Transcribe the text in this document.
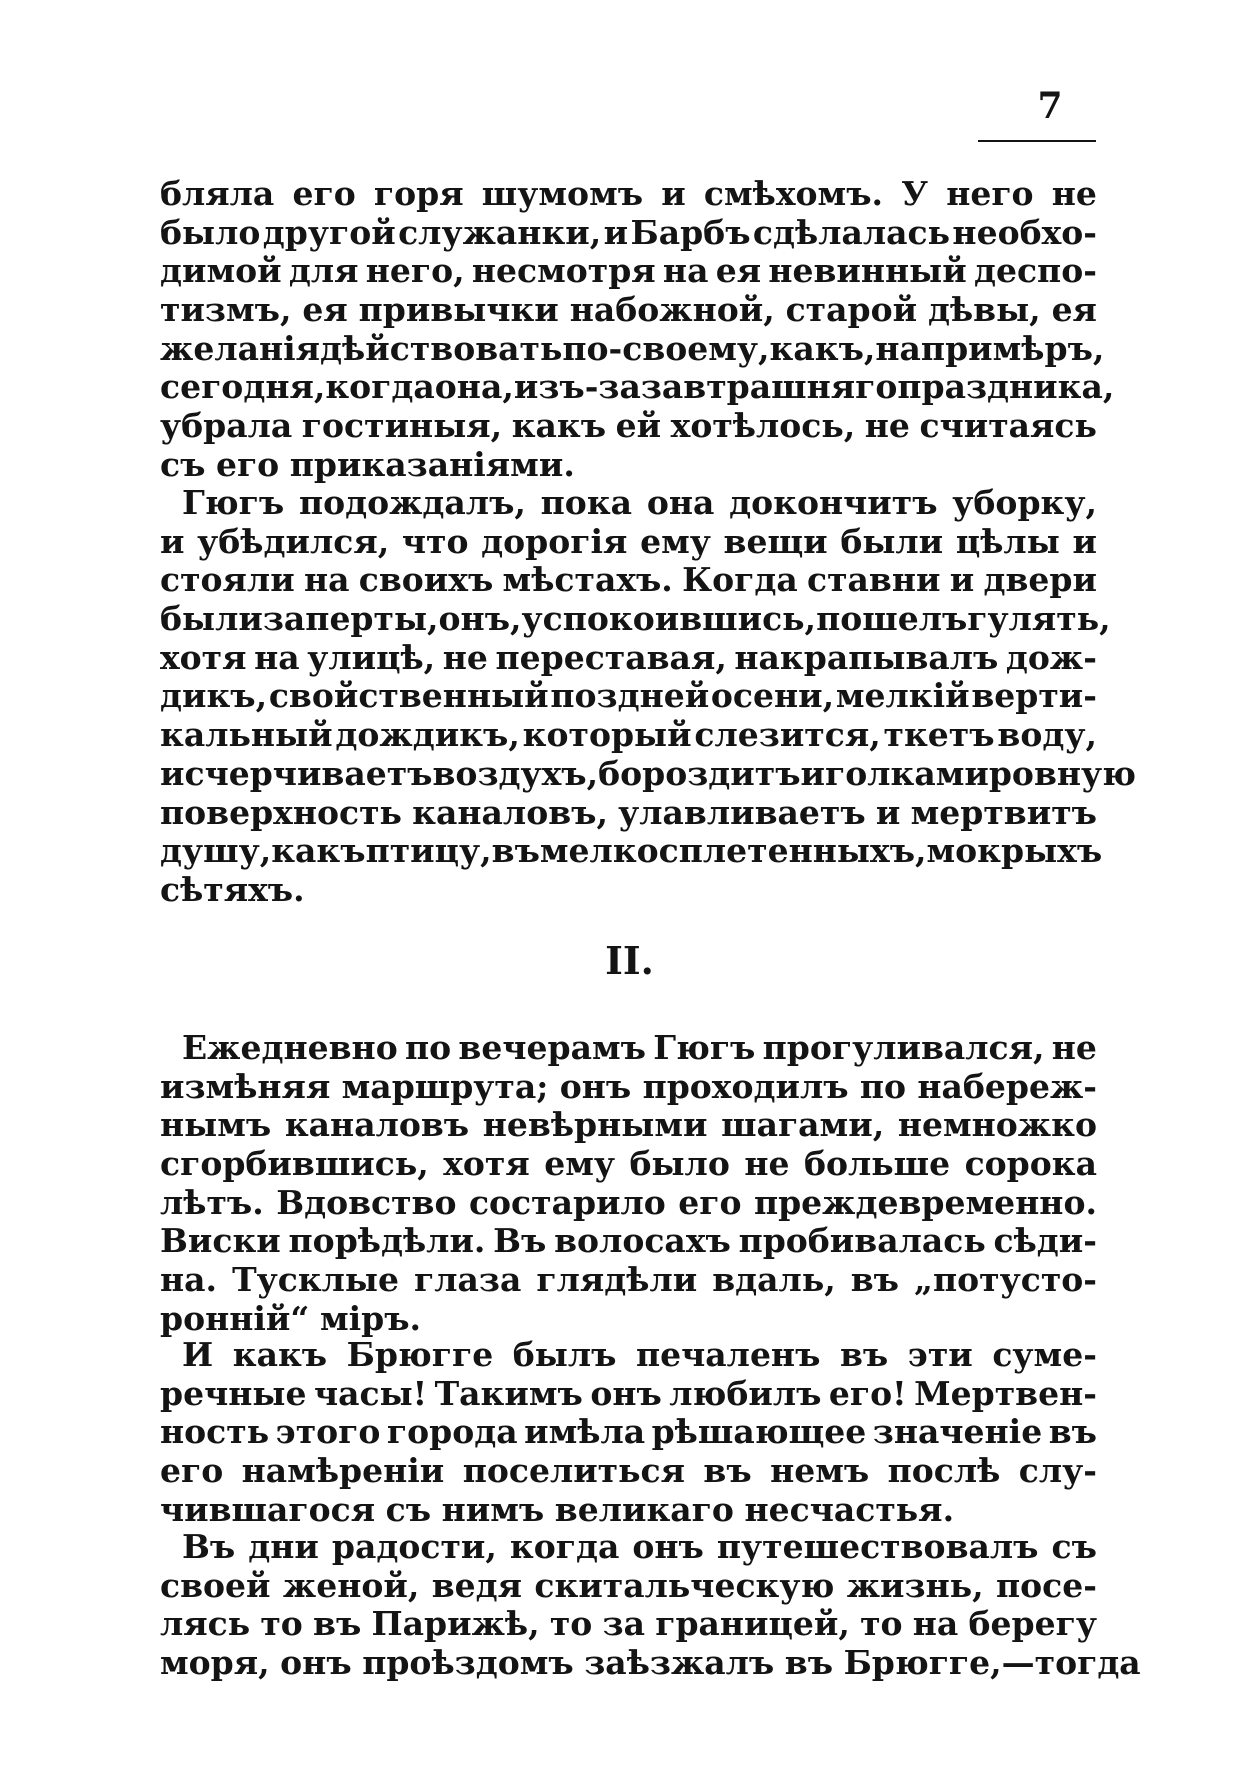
7
бляла его горя шумомъ и смѣхомъ. У него не
было другой служанки, и Барбъ сдѣлалась необхо-
димой для него, несмотря на ея невинный деспо-
тизмъ, ея привычки набожной, старой дѣвы, ея
желанія дѣйствовать по-своему, какъ, напримѣръ,
сегодня, когда она, изъ-за завтрашняго праздника,
убрала гостиныя, какъ ей хотѣлось, не считаясь
съ его приказаніями.
Гюгъ подождалъ, пока она докончитъ уборку,
и убѣдился, что дорогія ему вещи были цѣлы и
стояли на своихъ мѣстахъ. Когда ставни и двери
были заперты, онъ, успокоившись, пошелъ гулять,
хотя на улицѣ, не переставая, накрапывалъ дож-
дикъ, свойственный поздней осени, мелкій верти-
кальный дождикъ, который слезится, ткетъ воду,
исчерчиваетъ воздухъ, бороздитъ иголками ровную
поверхность каналовъ, улавливаетъ и мертвитъ
душу, какъ птицу, въ мелко сплетенныхъ, мокрыхъ
сѣтяхъ.
II.
Ежедневно по вечерамъ Гюгъ прогуливался, не
измѣняя маршрута; онъ проходилъ по набереж-
нымъ каналовъ невѣрными шагами, немножко
сгорбившись, хотя ему было не больше сорока
лѣтъ. Вдовство состарило его преждевременно.
Виски порѣдѣли. Въ волосахъ пробивалась сѣди-
на. Тусклые глаза глядѣли вдаль, въ „потусто-
ронній“ міръ.
И какъ Брюгге былъ печаленъ въ эти суме-
речные часы! Такимъ онъ любилъ его! Мертвен-
ность этого города имѣла рѣшающее значеніе въ
его намѣреніи поселиться въ немъ послѣ слу-
чившагося съ нимъ великаго несчастья.
Въ дни радости, когда онъ путешествовалъ съ
своей женой, ведя скитальческую жизнь, посе-
лясь то въ Парижѣ, то за границей, то на берегу
моря, онъ проѣздомъ заѣзжалъ въ Брюгге,—тогда
